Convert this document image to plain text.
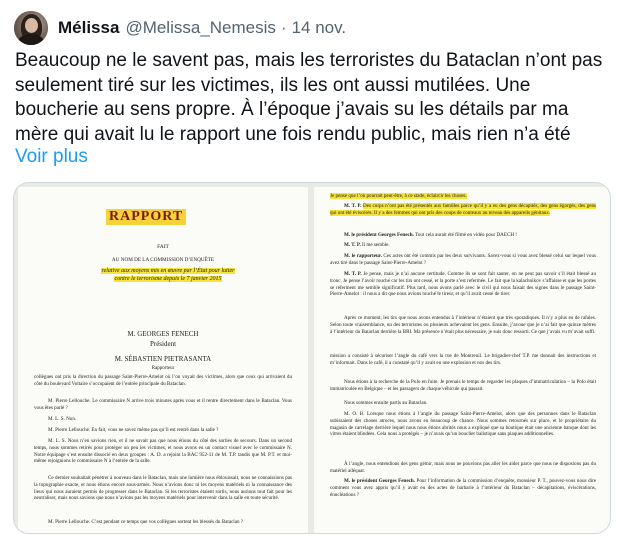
Mélissa @Melissa_Nemesis · 14 nov.
Beaucoup ne le savent pas, mais les terroristes du Bataclan n’ont pas seulement tiré sur les victimes, ils les ont aussi mutilées. Une boucherie au sens propre. À l’époque j’avais su les détails par ma mère qui avait lu le rapport une fois rendu public, mais rien n’a été
Voir plus
RAPPORT
FAIT
AU NOM DE LA COMMISSION D’ENQUÊTE
relative aux moyens mis en œuvre par l’État pour lutter
contre le terrorisme depuis le 7 janvier 2015
M. GEORGES FENECH
Président
M. SÉBASTIEN PIETRASANTA
Rapporteur
collègues ont pris la direction du passage Saint-Pierre-Amelot où l’on voyait des victimes, alors que ceux qui arrivaient du côté du boulevard Voltaire s’occupaient de l’entrée principale du Bataclan.
M. Pierre Lellouche. Le commissaire N arrive trois minutes après vous et il rentre directement dans le Bataclan. Vous vous êtes parlé ?
M. L. S. Non.
M. Pierre Lellouche. En fait, vous ne savez même pas qu’il est rentré dans la salle ?
M. L. S. Nous n’en savions rien, et il ne savait pas que nous étions du côté des sorties de secours. Dans un second temps, nous sommes retirés pour protéger un peu les victimes, et nous avons eu un contact visuel avec le commissaire N. Notre équipage s’est ensuite dissocié en deux groupes : A. D. a rejoint la BAC 952-11 de M. T.P. tandis que M. P.T. et moi-même rejoignions le commissaire N à l’entrée de la salle.
Ce dernier souhaitait pénétrer à nouveau dans le Bataclan, mais une lumière nous éblouissait, nous ne connaissions pas la topographie exacte, et nous étions encore sous-armés. Nous n’avions donc ni les moyens matériels ni la connaissance des lieux qui nous auraient permis de progresser dans le Bataclan. Si les terroristes étaient sortis, nous aurions tout fait pour les neutraliser, mais nous savions que nous n’avions pas les moyens matériels pour intervenir dans la salle en toute sécurité.
M. Pierre Lellouche. C’est pendant ce temps que vos collègues sortent les blessés du Bataclan ?
Je pense que l’on pourrait peut-être, à ce stade, éclaircir les choses.
M. T. P. Des corps n’ont pas été présentés aux familles parce qu’il y a eu des gens décapités, des gens égorgés, des gens qui ont été éviscérés. Il y a des femmes qui ont pris des coups de couteaux au niveau des appareils génitaux.
M. le président Georges Fenech. Tout cela aurait été filmé en vidéo pour DAECH !
M. T. P. Il me semble.
M. le rapporteur. Ces actes ont été commis par les deux survivants. Savez-vous si vous avez blessé celui sur lequel vous avez tiré dans le passage Saint-Pierre-Amelot ?
M. T. P. Je pense, mais je n’ai aucune certitude. Comme ils se sont fait sauter, on ne peut pas savoir s’il était blessé au tronc. Je pense l’avoir touché car les tirs ont cessé, et la porte s’est refermée. Le fait que la kalachnikov s’affaisse et que les portes se referment me semble significatif. Plus tard, nous avons parlé avec le civil qui nous faisait des signes dans le passage Saint-Pierre-Amelot : il nous a dit que nous avions touché le tireur, et qu’il avait cessé de tirer.
Après ce moment, les tirs que nous avons entendus à l’intérieur n’étaient que très sporadiques. Il n’y a plus eu de rafales. Selon toute vraisemblance, un des terroristes ou plusieurs achevaient les gens. Ensuite, j’avoue que je n’ai fait que quinze mètres à l’intérieur du Bataclan derrière la BRI. Ma présence n’était plus nécessaire, je suis donc ressorti. Ce que j’avais vu m’avait suffi.
mission a consisté à sécuriser l’angle du café vers la rue de Montreuil. Le brigadier-chef T.P. me donnait des instructions et m’informait. Dans le café, il a constaté qu’il y avait eu une explosion et nos des tirs.
Nous étions à la recherche de la Polo en fuite. Je prenais le temps de regarder les plaques d’immatriculation – la Polo était immatriculée en Belgique – et les passagers de chaque véhicule qui passait.
Nous sommes ensuite partis au Bataclan.
M. O. B. Lorsque nous étions à l’angle du passage Saint-Pierre-Amelot, alors que des personnes dans le Bataclan subissaient des choses atroces, nous avons eu beaucoup de chance. Nous sommes retournés sur place, et le propriétaire du magasin de carrelage derrière lequel nous nous étions abrités nous a expliqué que sa boutique était une ancienne banque dont les vitres étaient blindées. Cela nous a protégés – je n’avais qu’un bouclier balistique sans plaques additionnelles.
À l’angle, nous entendions des gens gémir, mais nous ne pouvions pas aller les aider parce que nous ne disposions pas du matériel adéquat.
M. le président Georges Fenech. Pour l’information de la commission d’enquête, monsieur P. T., pouvez-vous nous dire comment vous avez appris qu’il y avait eu des actes de barbarie à l’intérieur du Bataclan – décapitations, éviscérations, énucléations ?
